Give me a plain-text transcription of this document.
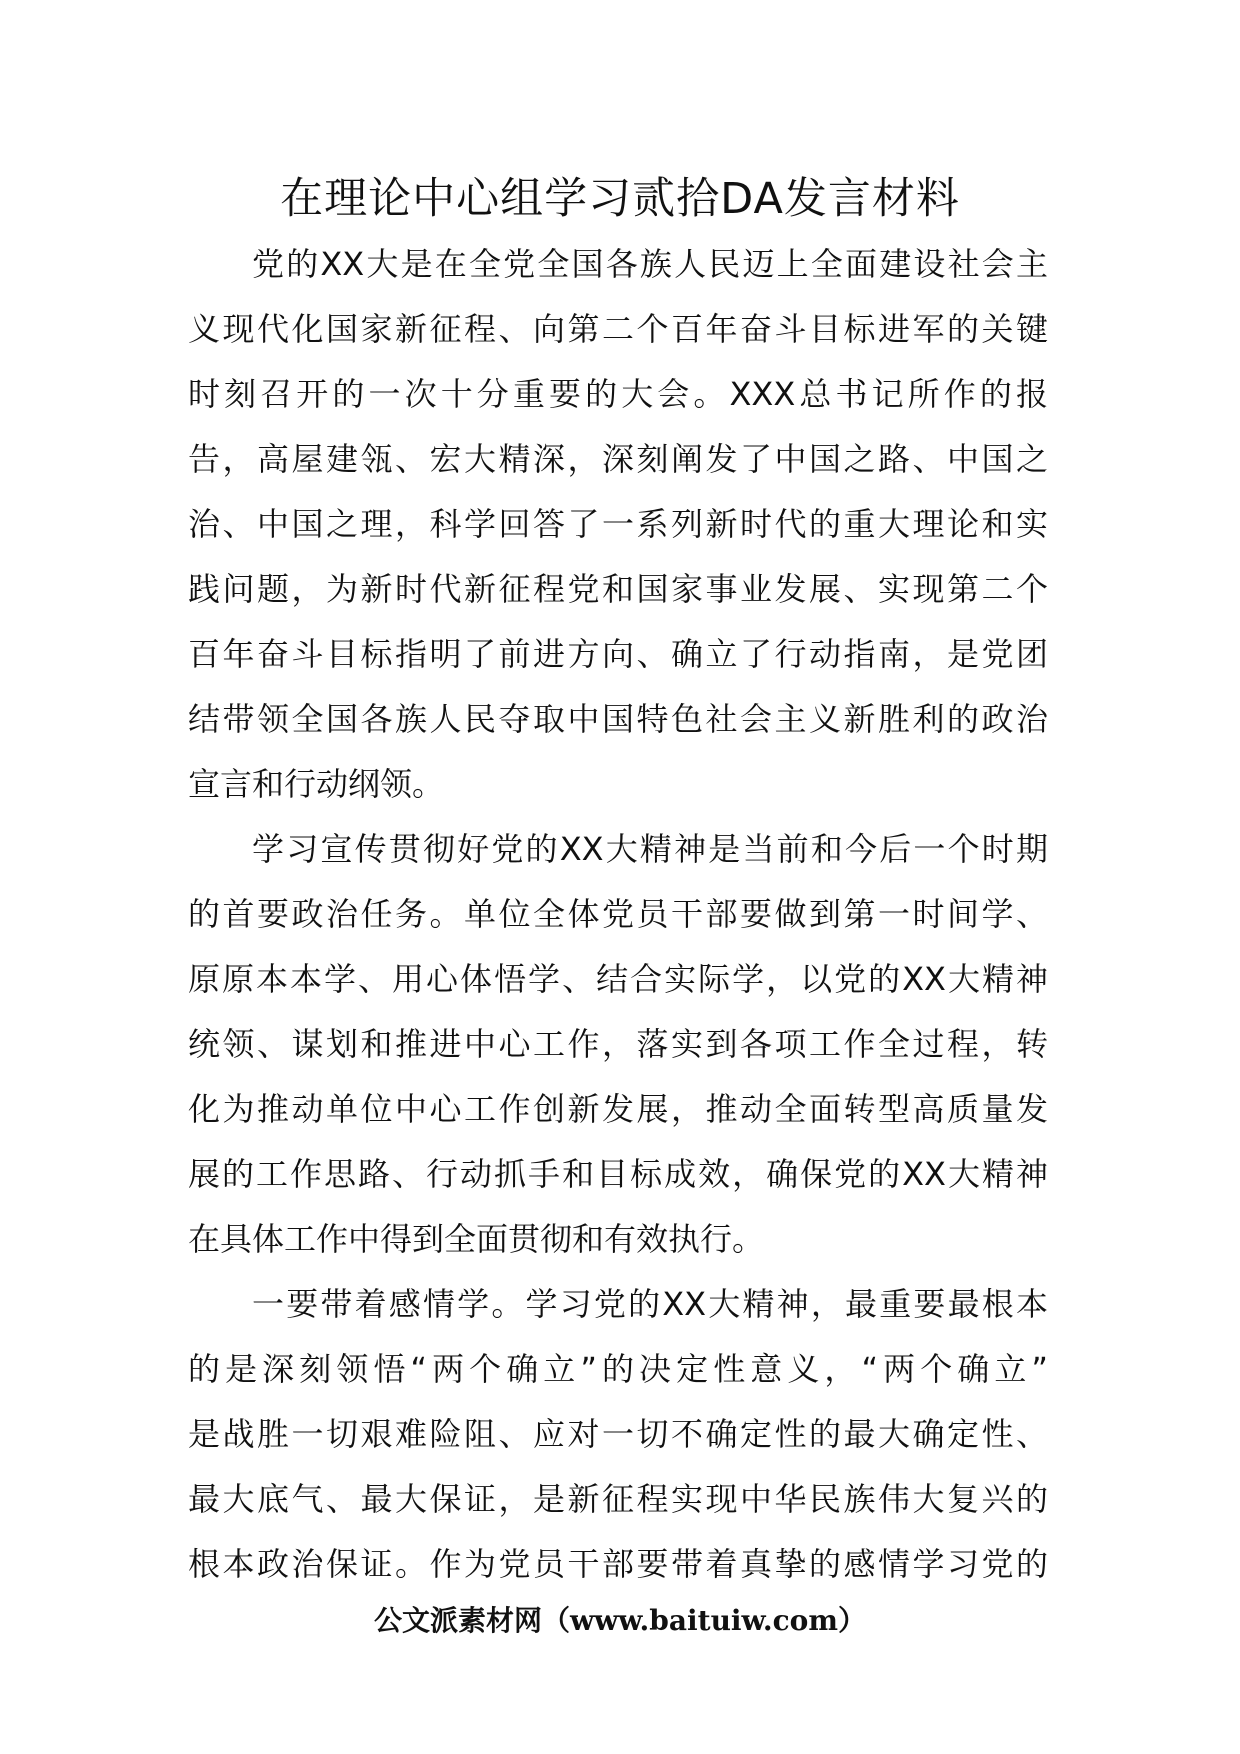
在理论中心组学习贰拾DA发言材料
党的XX大是在全党全国各族人民迈上全面建设社会主
义现代化国家新征程、向第二个百年奋斗目标进军的关键
时刻召开的一次十分重要的大会。XXX总书记所作的报
告，高屋建瓴、宏大精深，深刻阐发了中国之路、中国之
治、中国之理，科学回答了一系列新时代的重大理论和实
践问题，为新时代新征程党和国家事业发展、实现第二个
百年奋斗目标指明了前进方向、确立了行动指南，是党团
结带领全国各族人民夺取中国特色社会主义新胜利的政治
宣言和行动纲领。
学习宣传贯彻好党的XX大精神是当前和今后一个时期
的首要政治任务。单位全体党员干部要做到第一时间学、
原原本本学、用心体悟学、结合实际学，以党的XX大精神
统领、谋划和推进中心工作，落实到各项工作全过程，转
化为推动单位中心工作创新发展，推动全面转型高质量发
展的工作思路、行动抓手和目标成效，确保党的XX大精神
在具体工作中得到全面贯彻和有效执行。
一要带着感情学。学习党的XX大精神，最重要最根本
的是深刻领悟“两个确立”的决定性意义，“两个确立”
是战胜一切艰难险阻、应对一切不确定性的最大确定性、
最大底气、最大保证，是新征程实现中华民族伟大复兴的
根本政治保证。作为党员干部要带着真挚的感情学习党的
公文派素材网（www.baituiw.com）
